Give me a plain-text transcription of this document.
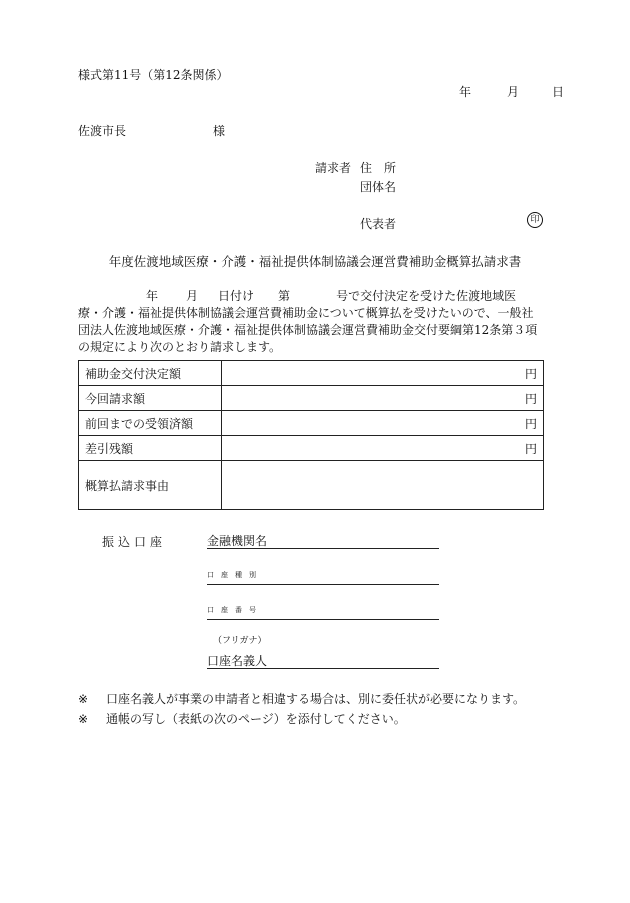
様式第11号（第12条関係）
年	月	日
佐渡市長	様
請求者 住　所
団体名
代表者	印
年度佐渡地域医療・介護・福祉提供体制協議会運営費補助金概算払請求書
年 月 日付け 第	号で交付決定を受けた佐渡地域医
療・介護・福祉提供体制協議会運営費補助金について概算払を受けたいので、一般社
団法人佐渡地域医療・介護・福祉提供体制協議会運営費補助金交付要綱第12条第３項
の規定により次のとおり請求します。
補助金交付決定額	円
今回請求額	円
前回までの受領済額	円
差引残額	円
概算払請求事由	
振込口座	金融機関名
口座種別
口座番号
（フリガナ）
口座名義人
※ 口座名義人が事業の申請者と相違する場合は、別に委任状が必要になります。
※ 通帳の写し（表紙の次のページ）を添付してください。
